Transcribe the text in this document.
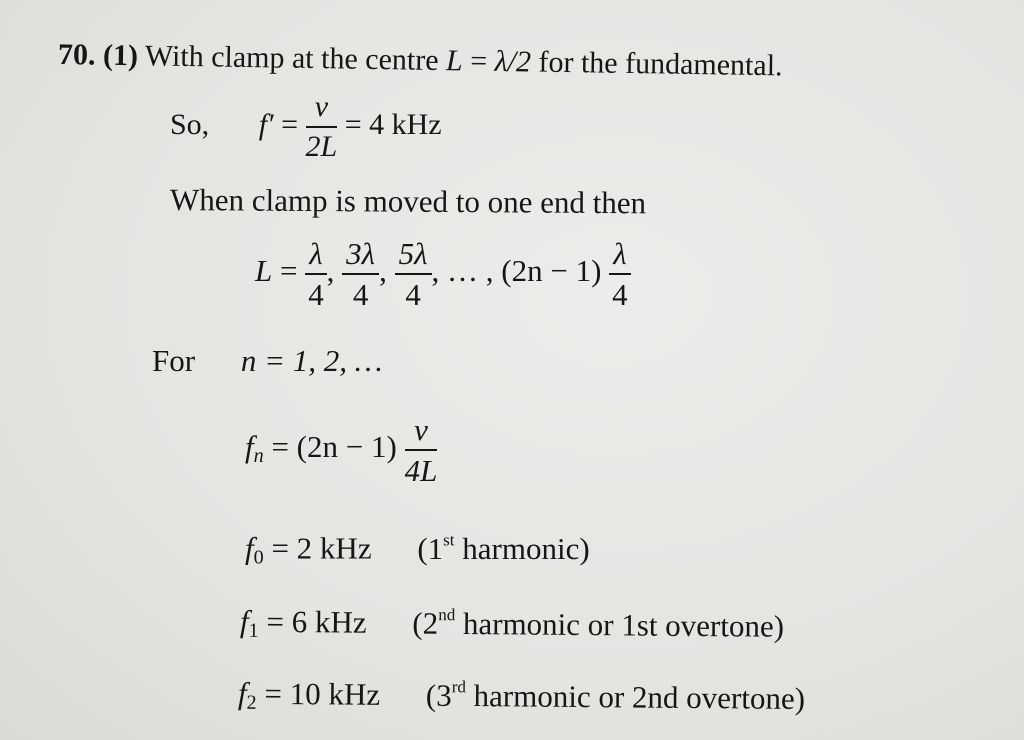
70. (1) With clamp at the centre L = λ/2 for the fundamental.
So, $f' = \frac{v}{2L} = 4$ kHz
When clamp is moved to one end then
$L = \frac{\lambda}{4}$ , $\frac{3\lambda}{4}$ , $\frac{5\lambda}{4}$ , … , $(2n - 1) \frac{\lambda}{4}$
For n = 1, 2, …
$f_n = (2n - 1) \frac{v}{4L}$
$f_0 = 2$ kHz (1st harmonic)
$f_1 = 6$ kHz (2nd harmonic or 1st overtone)
$f_2 = 10$ kHz (3rd harmonic or 2nd overtone)
